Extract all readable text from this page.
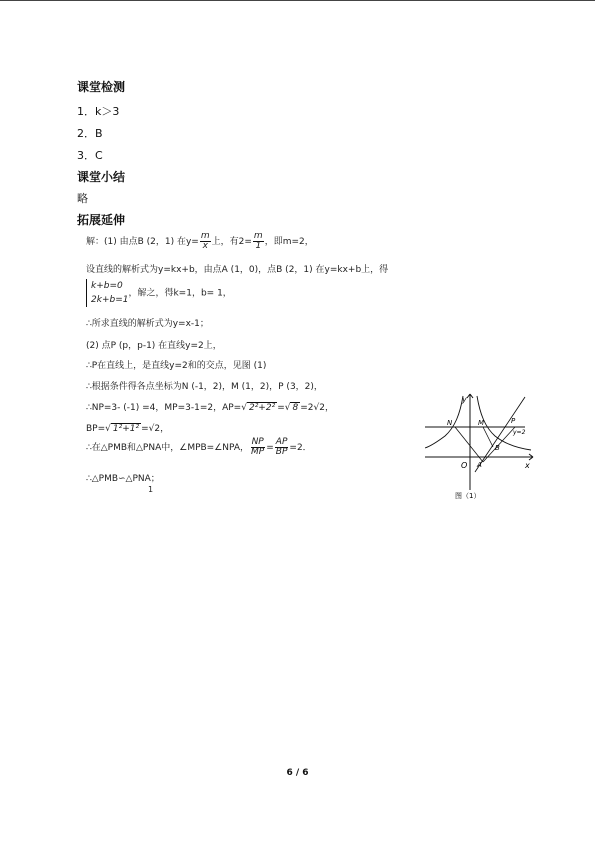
课堂检测
1．k＞3
2．B
3．C
课堂小结
略
拓展延伸
解：(1) 由点B (2，1) 在$y= \frac{m}{x}$ 上，有$2= \frac{m}{1}$ ，即m=2，
设直线的解析式为y=kx+b，由点A (1，0)，点B (2，1) 在y=kx+b上，得
k+b=0
2k+b=1
，解之，得k=1，b= 1，
∴所求直线的解析式为y=x-1；
(2) 点P (p，p-1) 在直线y=2上，
∴P在直线上，是直线y=2和的交点，见图 (1)
∴根据条件得各点坐标为N (-1，2)，M (1，2)，P (3，2)，
∴NP=3- (-1) =4，MP=3-1=2，AP=√ 2²+2² =√ 8 =2√2，
BP=√ 1²+1² =√2，
∴在△PMB和△PNA中，∠MPB=∠NPA， $\frac{NP}{MP} = \frac{AP}{BP} =2$．
∴△PMB∽△PNA；
1
y
x
O
N	M	P
A
B
y=2
图（1）
6 / 6
